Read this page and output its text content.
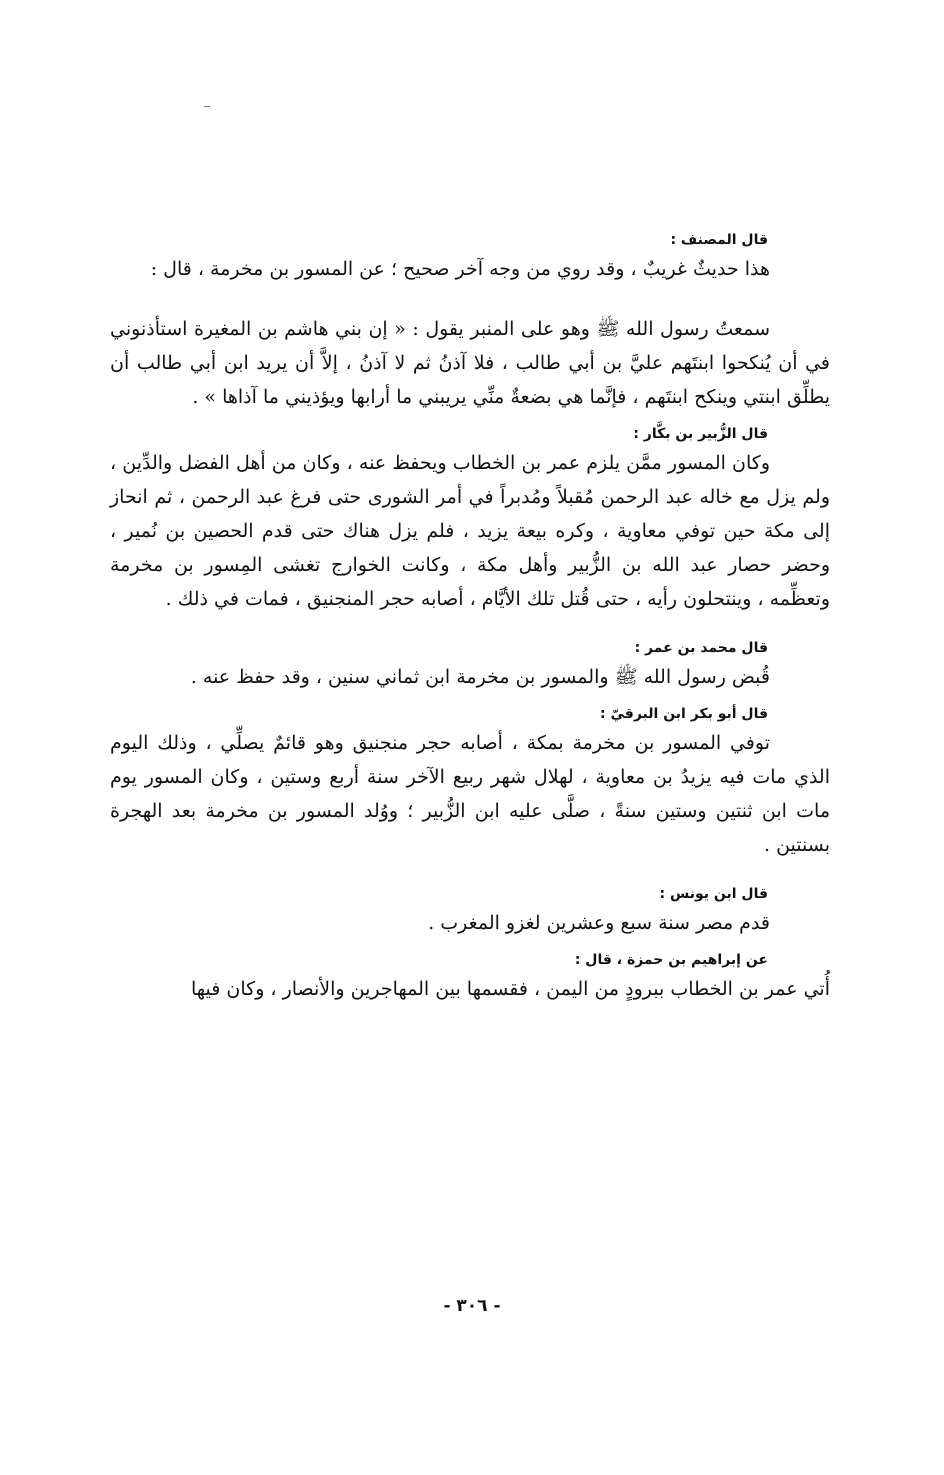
قال المصنف :

هذا حديثٌ غريبٌ ، وقد روي من وجه آخر صحيح ؛ عن المسور بن مخرمة ، قال :

سمعتُ رسول الله ﷺ وهو على المنبر يقول : « إن بني هاشم بن المغيرة استأذنوني في أن يُنكحوا ابنتَهم عليَّ بن أبي طالب ، فلا آذنُ ثم لا آذنُ ، إلاَّ أن يريد ابن أبي طالب أن يطلِّق ابنتي وينكح ابنتَهم ، فإنَّما هي بضعةٌ منِّي يريبني ما أرابها ويؤذيني ما آذاها » .

قال الزُّبير بن بكَّار :

وكان المسور ممَّن يلزم عمر بن الخطاب ويحفظ عنه ، وكان من أهل الفضل والدِّين ، ولم يزل مع خاله عبد الرحمن مُقبلاً ومُدبراً في أمر الشورى حتى فرغ عبد الرحمن ، ثم انحاز إلى مكة حين توفي معاوية ، وكره بيعة يزيد ، فلم يزل هناك حتى قدم الحصين بن نُمير ، وحضر حصار عبد الله بن الزُّبير وأهل مكة ، وكانت الخوارج تغشى المِسور بن مخرمة وتعظِّمه ، وينتحلون رأيه ، حتى قُتل تلك الأيَّام ، أصابه حجر المنجنيق ، فمات في ذلك .

قال محمد بن عمر :

قُبض رسول الله ﷺ والمسور بن مخرمة ابن ثماني سنين ، وقد حفظ عنه .

قال أبو بكر ابن البرقيّ :

توفي المسور بن مخرمة بمكة ، أصابه حجر منجنيق وهو قائمٌ يصلِّي ، وذلك اليوم الذي مات فيه يزيدُ بن معاوية ، لهلال شهر ربيع الآخر سنة أربع وستين ، وكان المسور يوم مات ابن ثنتين وستين سنةً ، صلَّى عليه ابن الزُّبير ؛ ووُلد المسور بن مخرمة بعد الهجرة بسنتين .

قال ابن يونس :

قدم مصر سنة سبع وعشرين لغزو المغرب .

عن إبراهيم بن حمزة ، قال :

أُتي عمر بن الخطاب ببرودٍ من اليمن ، فقسمها بين المهاجرين والأنصار ، وكان فيها

- ٣٠٦ -
